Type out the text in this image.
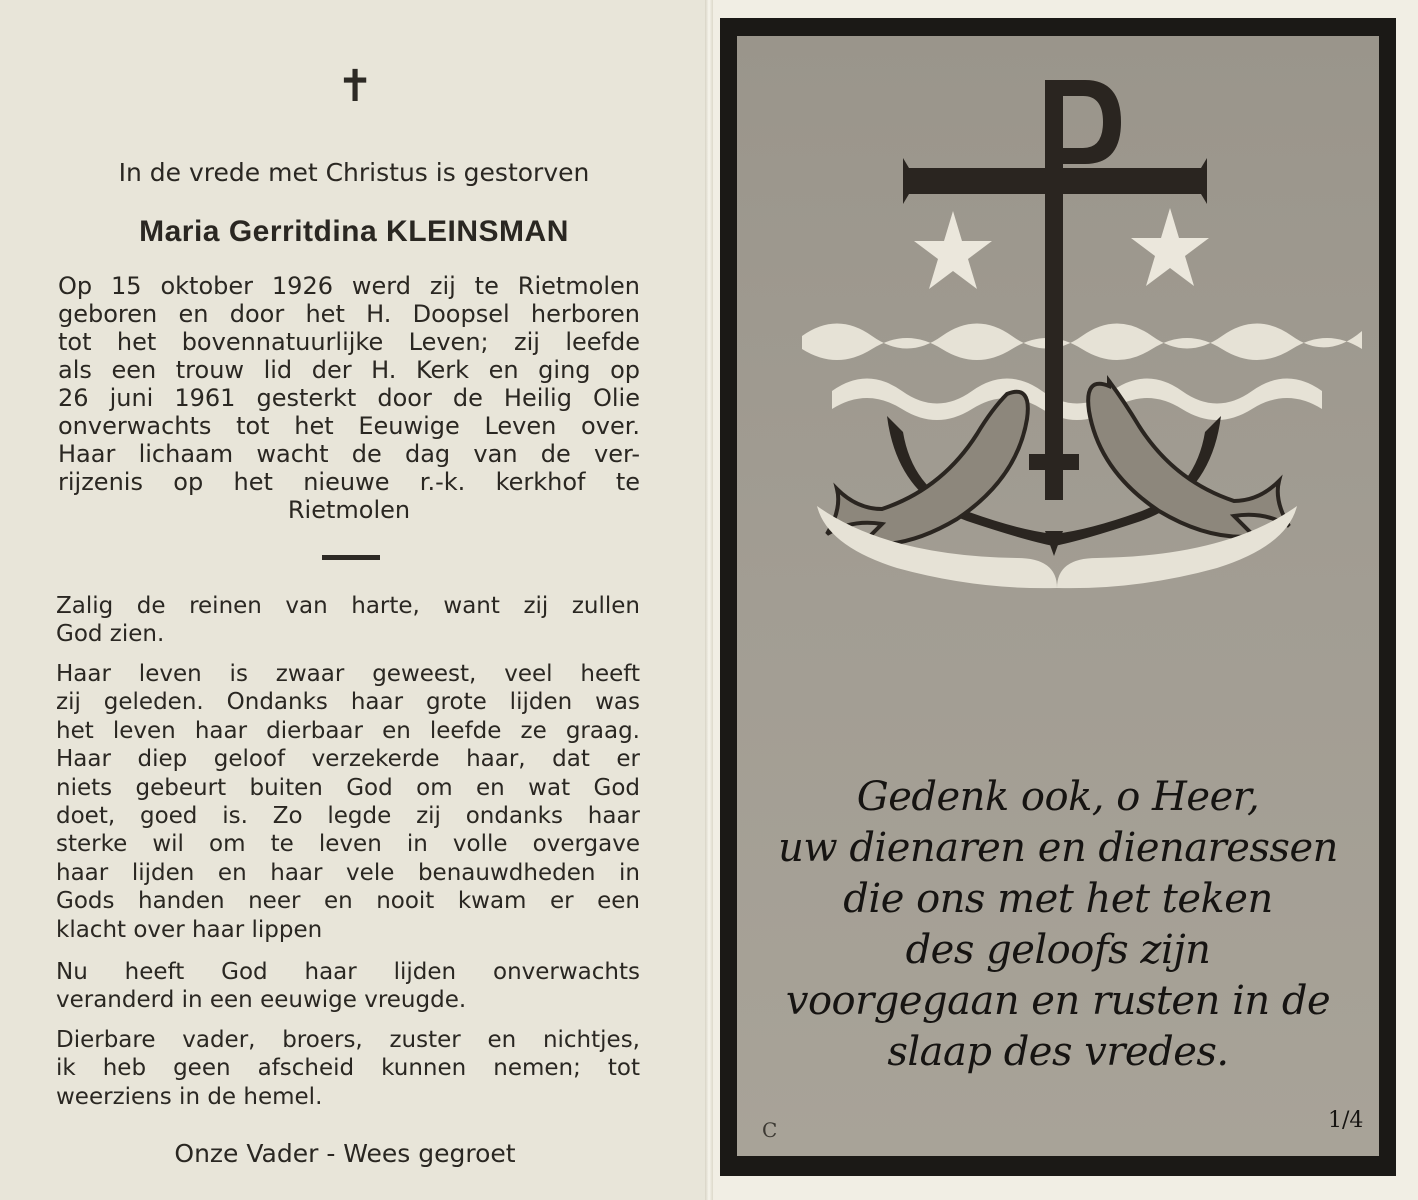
✝
In de vrede met Christus is gestorven
Maria Gerritdina KLEINSMAN
Op 15 oktober 1926 werd zij te Rietmolen
geboren en door het H. Doopsel herboren
tot het bovennatuurlijke Leven; zij leefde
als een trouw lid der H. Kerk en ging op
26 juni 1961 gesterkt door de Heilig Olie
onverwachts tot het Eeuwige Leven over.
Haar lichaam wacht de dag van de ver-
rijzenis op het nieuwe r.-k. kerkhof te
Rietmolen
Zalig de reinen van harte, want zij zullen
God zien.
Haar leven is zwaar geweest, veel heeft
zij geleden. Ondanks haar grote lijden was
het leven haar dierbaar en leefde ze graag.
Haar diep geloof verzekerde haar, dat er
niets gebeurt buiten God om en wat God
doet, goed is. Zo legde zij ondanks haar
sterke wil om te leven in volle overgave
haar lijden en haar vele benauwdheden in
Gods handen neer en nooit kwam er een
klacht over haar lippen
Nu heeft God haar lijden onverwachts
veranderd in een eeuwige vreugde.
Dierbare vader, broers, zuster en nichtjes,
ik heb geen afscheid kunnen nemen; tot
weerziens in de hemel.
Onze Vader - Wees gegroet
Gedenk ook, o Heer,
uw dienaren en dienaressen
die ons met het teken
des geloofs zijn
voorgegaan en rusten in de
slaap des vredes.
C	1/4
